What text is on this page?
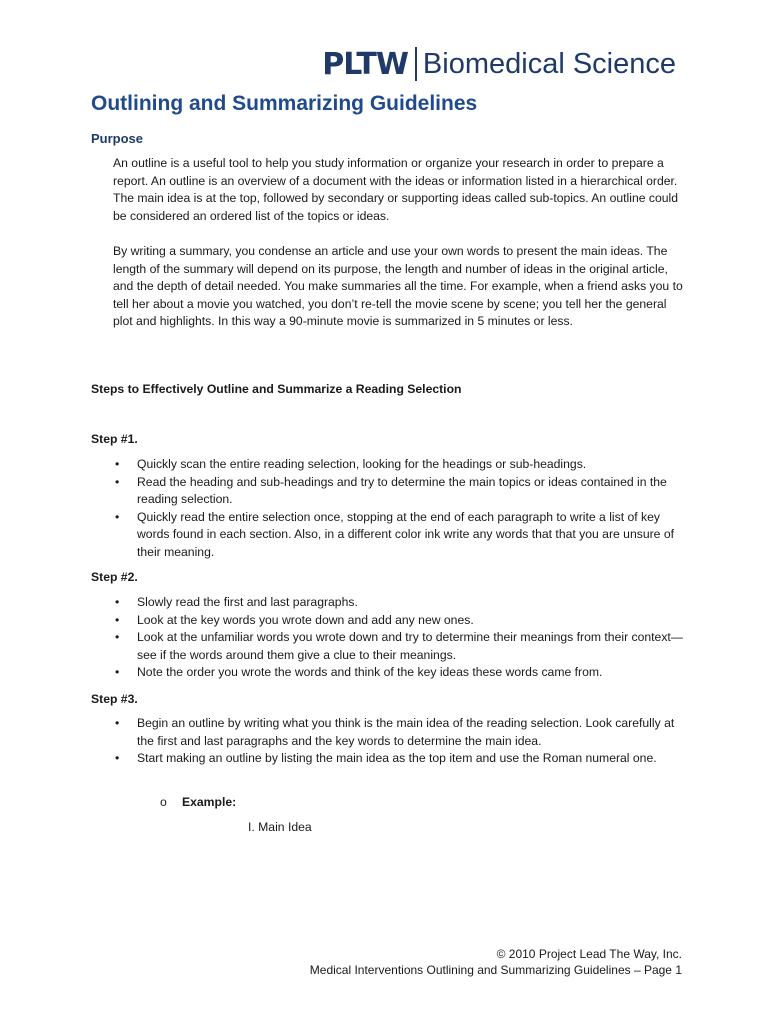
PLTW Biomedical Science
Outlining and Summarizing Guidelines
Purpose

An outline is a useful tool to help you study information or organize your research in order to prepare a report. An outline is an overview of a document with the ideas or information listed in a hierarchical order. The main idea is at the top, followed by secondary or supporting ideas called sub-topics. An outline could be considered an ordered list of the topics or ideas.

By writing a summary, you condense an article and use your own words to present the main ideas. The length of the summary will depend on its purpose, the length and number of ideas in the original article, and the depth of detail needed. You make summaries all the time. For example, when a friend asks you to tell her about a movie you watched, you don’t re-tell the movie scene by scene; you tell her the general plot and highlights. In this way a 90-minute movie is summarized in 5 minutes or less.

Steps to Effectively Outline and Summarize a Reading Selection
Step #1.
• Quickly scan the entire reading selection, looking for the headings or sub-headings.
• Read the heading and sub-headings and try to determine the main topics or ideas contained in the reading selection.
• Quickly read the entire selection once, stopping at the end of each paragraph to write a list of key words found in each section. Also, in a different color ink write any words that that you are unsure of their meaning.
Step #2.
• Slowly read the first and last paragraphs.
• Look at the key words you wrote down and add any new ones.
• Look at the unfamiliar words you wrote down and try to determine their meanings from their context—see if the words around them give a clue to their meanings.
• Note the order you wrote the words and think of the key ideas these words came from.
Step #3.
• Begin an outline by writing what you think is the main idea of the reading selection. Look carefully at the first and last paragraphs and the key words to determine the main idea.
• Start making an outline by listing the main idea as the top item and use the Roman numeral one.
o Example:
I. Main Idea
© 2010 Project Lead The Way, Inc.
Medical Interventions Outlining and Summarizing Guidelines – Page 1
